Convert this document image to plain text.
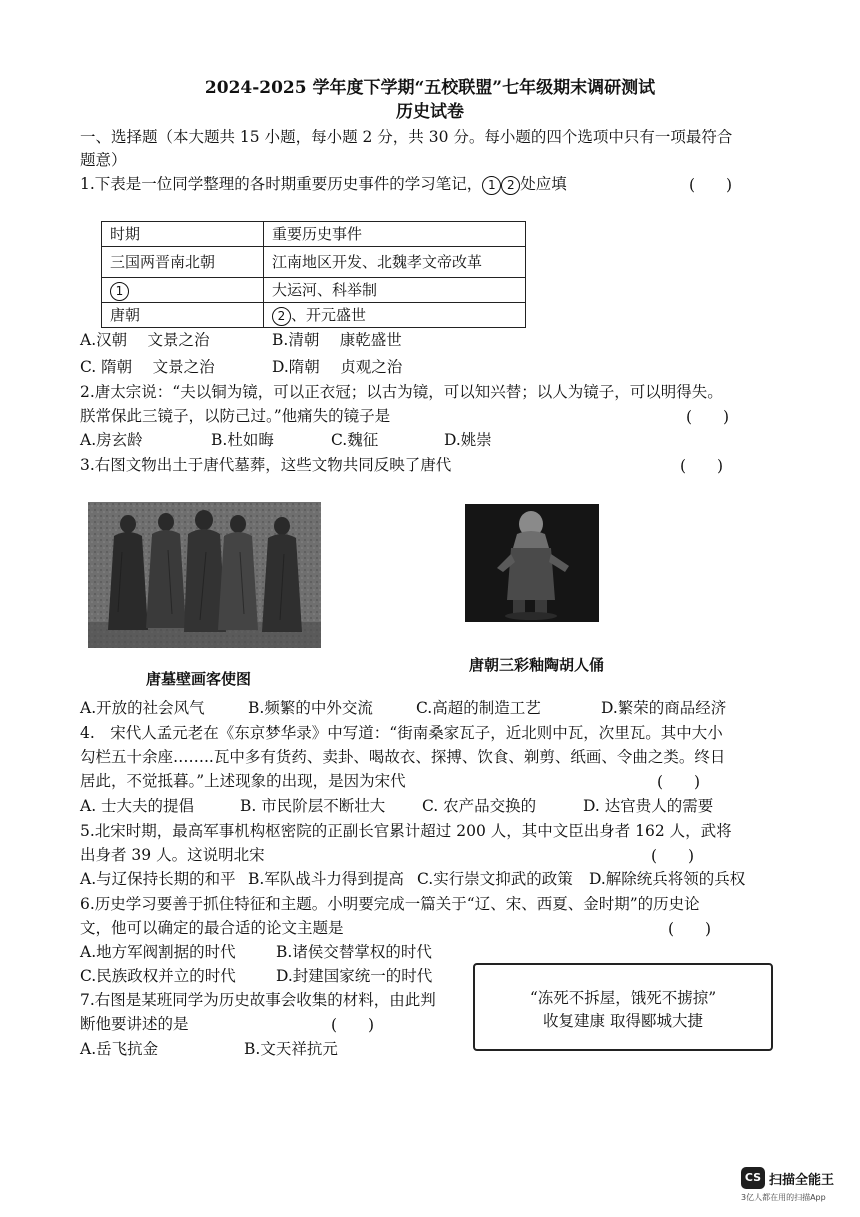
2024-2025 学年度下学期“五校联盟”七年级期末调研测试
历史试卷
一、选择题（本大题共 15 小题，每小题 2 分，共 30 分。每小题的四个选项中只有一项最符合
题意）
1.下表是一位同学整理的各时期重要历史事件的学习笔记， 1 2 处应填	(　　)
时期	重要历史事件
三国两晋南北朝	江南地区开发、北魏孝文帝改革
1	大运河、科举制
唐朝	2 、开元盛世
A.汉朝　 文景之治	B.清朝　 康乾盛世
C. 隋朝　 文景之治	D.隋朝　 贞观之治
2.唐太宗说：“夫以铜为镜，可以正衣冠；以古为镜，可以知兴替；以人为镜子，可以明得失。
朕常保此三镜子，以防己过。”他痛失的镜子是	(　　)
A.房玄龄	B.杜如晦	C.魏征	D.姚崇
3.右图文物出土于唐代墓葬，这些文物共同反映了唐代	(　　)
唐墓壁画客使图
唐朝三彩釉陶胡人俑
A.开放的社会风气	B.频繁的中外交流	C.高超的制造工艺	D.繁荣的商品经济
4.　宋代人孟元老在《东京梦华录》中写道：“街南桑家瓦子，近北则中瓦，次里瓦。其中大小
勾栏五十余座……..瓦中多有货药、卖卦、喝故衣、探搏、饮食、剃剪、纸画、令曲之类。终日
居此，不觉抵暮。”上述现象的出现，是因为宋代	(　　)
A. 士大夫的提倡	B. 市民阶层不断壮大 C. 农产品交换的	D. 达官贵人的需要
5.北宋时期，最高军事机构枢密院的正副长官累计超过 200 人，其中文臣出身者 162 人，武将
出身者 39 人。这说明北宋	(　　)
A.与辽保持长期的和平 B.军队战斗力得到提高 C.实行崇文抑武的政策 D.解除统兵将领的兵权
6.历史学习要善于抓住特征和主题。小明要完成一篇关于“辽、宋、西夏、金时期”的历史论
文，他可以确定的最合适的论文主题是	(　　)
A.地方军阀割据的时代	B.诸侯交替掌权的时代
C.民族政权并立的时代	D.封建国家统一的时代
7.右图是某班同学为历史故事会收集的材料，由此判
断他要讲述的是	(　　)
A.岳飞抗金	B.文天祥抗元
“冻死不拆屋，饿死不掳掠”
收复建康 取得郾城大捷
CS 扫描全能王
3亿人都在用的扫描App
